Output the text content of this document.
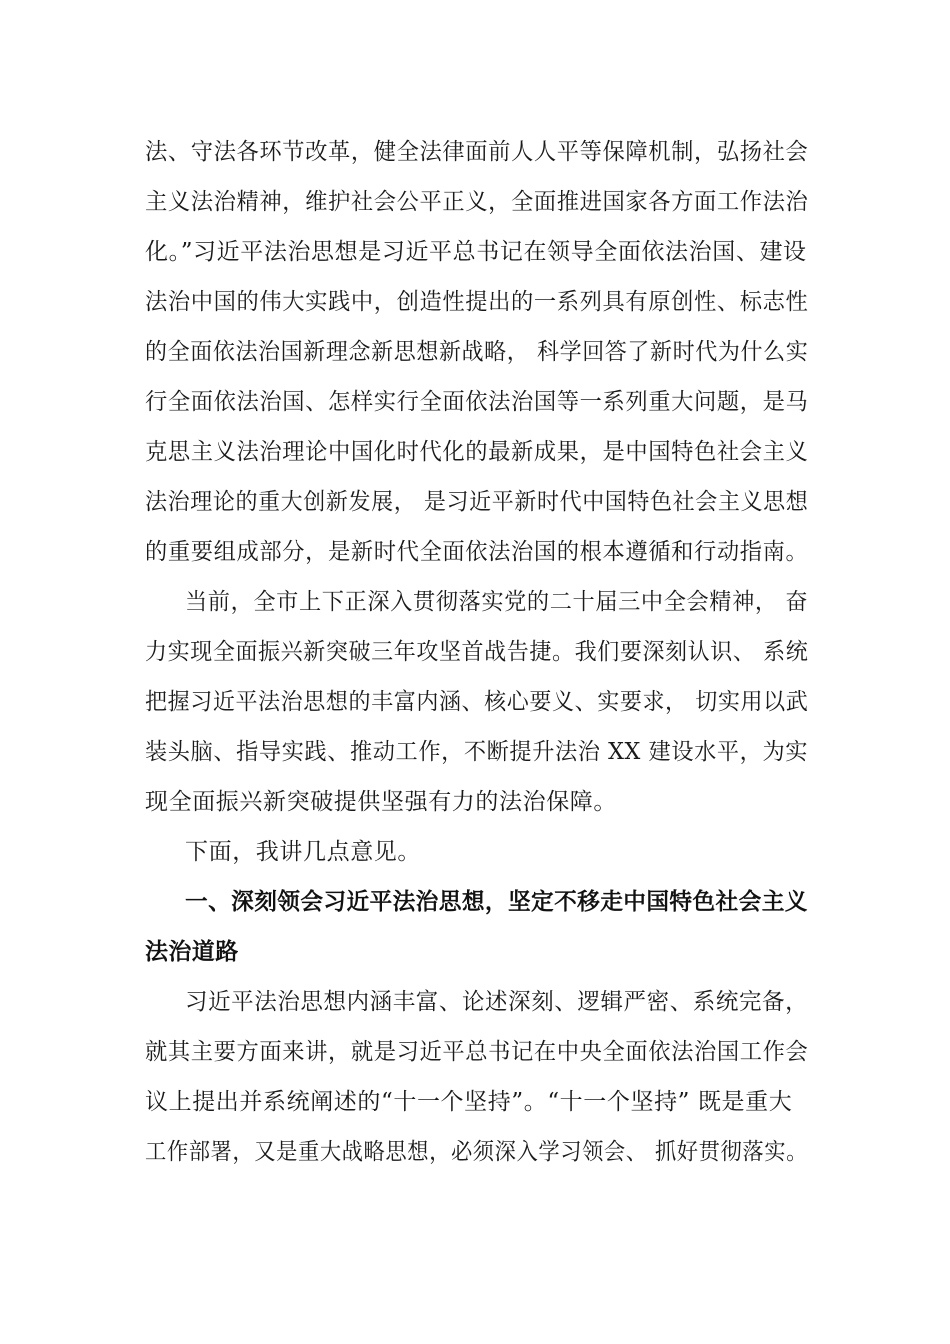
法、守法各环节改革，健全法律面前人人平等保障机制，弘扬社会
主义法治精神，维护社会公平正义，全面推进国家各方面工作法治
化。”习近平法治思想是习近平总书记在领导全面依法治国、建设
法治中国的伟大实践中，创造性提出的一系列具有原创性、标志性
的全面依法治国新理念新思想新战略， 科学回答了新时代为什么实
行全面依法治国、怎样实行全面依法治国等一系列重大问题，是马
克思主义法治理论中国化时代化的最新成果，是中国特色社会主义
法治理论的重大创新发展， 是习近平新时代中国特色社会主义思想
的重要组成部分，是新时代全面依法治国的根本遵循和行动指南。
当前，全市上下正深入贯彻落实党的二十届三中全会精神， 奋
力实现全面振兴新突破三年攻坚首战告捷。我们要深刻认识、 系统
把握习近平法治思想的丰富内涵、核心要义、实要求， 切实用以武
装头脑、指导实践、推动工作，不断提升法治 XX 建设水平，为实
现全面振兴新突破提供坚强有力的法治保障。
下面，我讲几点意见。
一、深刻领会习近平法治思想，坚定不移走中国特色社会主义
法治道路
习近平法治思想内涵丰富、论述深刻、逻辑严密、系统完备，
就其主要方面来讲，就是习近平总书记在中央全面依法治国工作会
议上提出并系统阐述的“十一个坚持”。“十一个坚持” 既是重大
工作部署，又是重大战略思想，必须深入学习领会、 抓好贯彻落实。
